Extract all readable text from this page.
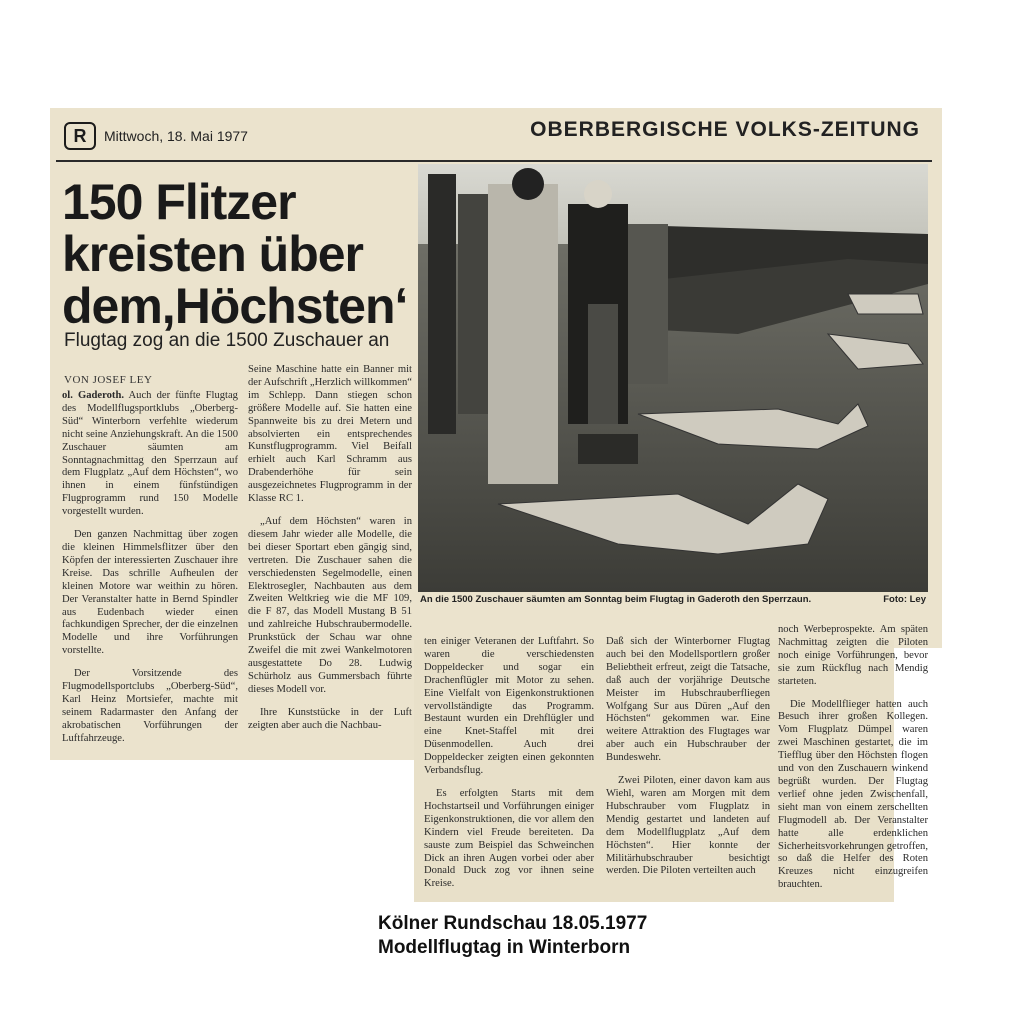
R	Mittwoch, 18. Mai 1977	OBERBERGISCHE VOLKS-ZEITUNG
150 Flitzer
kreisten über
dem,Höchsten‘
Flugtag zog an die 1500 Zuschauer an
An die 1500 Zuschauer säumten am Sonntag beim Flugtag in Gaderoth den Sperrzaun.	Foto: Ley
VON JOSEF LEY

ol. Gaderoth. Auch der fünfte Flugtag des Modellflugsportklubs „Oberberg-Süd“ Winterborn verfehlte wiederum nicht seine Anziehungskraft. An die 1500 Zuschauer säumten am Sonntagnachmittag den Sperrzaun auf dem Flugplatz „Auf dem Höchsten“, wo ihnen in einem fünfstündigen Flugprogramm rund 150 Modelle vorgestellt wurden.

Den ganzen Nachmittag über zogen die kleinen Himmelsflitzer über den Köpfen der interessierten Zuschauer ihre Kreise. Das schrille Aufheulen der kleinen Motore war weithin zu hören. Der Veranstalter hatte in Bernd Spindler aus Eudenbach wieder einen fachkundigen Sprecher, der die einzelnen Modelle und ihre Vorführungen vorstellte.

Der Vorsitzende des Flugmodellsportclubs „Oberberg-Süd“, Karl Heinz Mortsiefer, machte mit seinem Radarmaster den Anfang der akrobatischen Vorführungen der Luftfahrzeuge.

Seine Maschine hatte ein Banner mit der Aufschrift „Herzlich willkommen“ im Schlepp. Dann stiegen schon größere Modelle auf. Sie hatten eine Spannweite bis zu drei Metern und absolvierten ein entsprechendes Kunstflugprogramm. Viel Beifall erhielt auch Karl Schramm aus Drabenderhöhe für sein ausgezeichnetes Flugprogramm in der Klasse RC 1.

„Auf dem Höchsten“ waren in diesem Jahr wieder alle Modelle, die bei dieser Sportart eben gängig sind, vertreten. Die Zuschauer sahen die verschiedensten Segelmodelle, einen Elektrosegler, Nachbauten aus dem Zweiten Weltkrieg wie die MF 109, die F 87, das Modell Mustang B 51 und zahlreiche Hubschraubermodelle. Prunkstück der Schau war ohne Zweifel die mit zwei Wankelmotoren ausgestattete Do 28. Ludwig Schürholz aus Gummersbach führte dieses Modell vor.

Ihre Kunststücke in der Luft zeigten aber auch die Nachbau-

ten einiger Veteranen der Luftfahrt. So waren die verschiedensten Doppeldecker und sogar ein Drachenflügler mit Motor zu sehen. Eine Vielfalt von Eigenkonstruktionen vervollständigte das Programm. Bestaunt wurden ein Drehflügler und eine Knet-Staffel mit drei Düsenmodellen. Auch drei Doppeldecker zeigten einen gekonnten Verbandsflug.

Es erfolgten Starts mit dem Hochstartseil und Vorführungen einiger Eigenkonstruktionen, die vor allem den Kindern viel Freude bereiteten. Da sauste zum Beispiel das Schweinchen Dick an ihren Augen vorbei oder aber Donald Duck zog vor ihnen seine Kreise.

Daß sich der Winterborner Flugtag auch bei den Modellsportlern großer Beliebtheit erfreut, zeigt die Tatsache, daß auch der vorjährige Deutsche Meister im Hubschrauberfliegen Wolfgang Sur aus Düren „Auf den Höchsten“ gekommen war. Eine weitere Attraktion des Flugtages war aber auch ein Hubschrauber der Bundeswehr.

Zwei Piloten, einer davon kam aus Wiehl, waren am Morgen mit dem Hubschrauber vom Flugplatz in Mendig gestartet und landeten auf dem Modellflugplatz „Auf dem Höchsten“. Hier konnte der Militärhubschrauber besichtigt werden. Die Piloten verteilten auch

noch Werbeprospekte. Am späten Nachmittag zeigten die Piloten noch einige Vorführungen, bevor sie zum Rückflug nach Mendig starteten.

Die Modellflieger hatten auch Besuch ihrer großen Kollegen. Vom Flugplatz Dümpel waren zwei Maschinen gestartet, die im Tiefflug über den Höchsten flogen und von den Zuschauern winkend begrüßt wurden. Der Flugtag verlief ohne jeden Zwischenfall, sieht man von einem zerschellten Flugmodell ab. Der Veranstalter hatte alle erdenklichen Sicherheitsvorkehrungen getroffen, so daß die Helfer des Roten Kreuzes nicht einzugreifen brauchten.

Kölner Rundschau 18.05.1977
Modellflugtag in Winterborn
